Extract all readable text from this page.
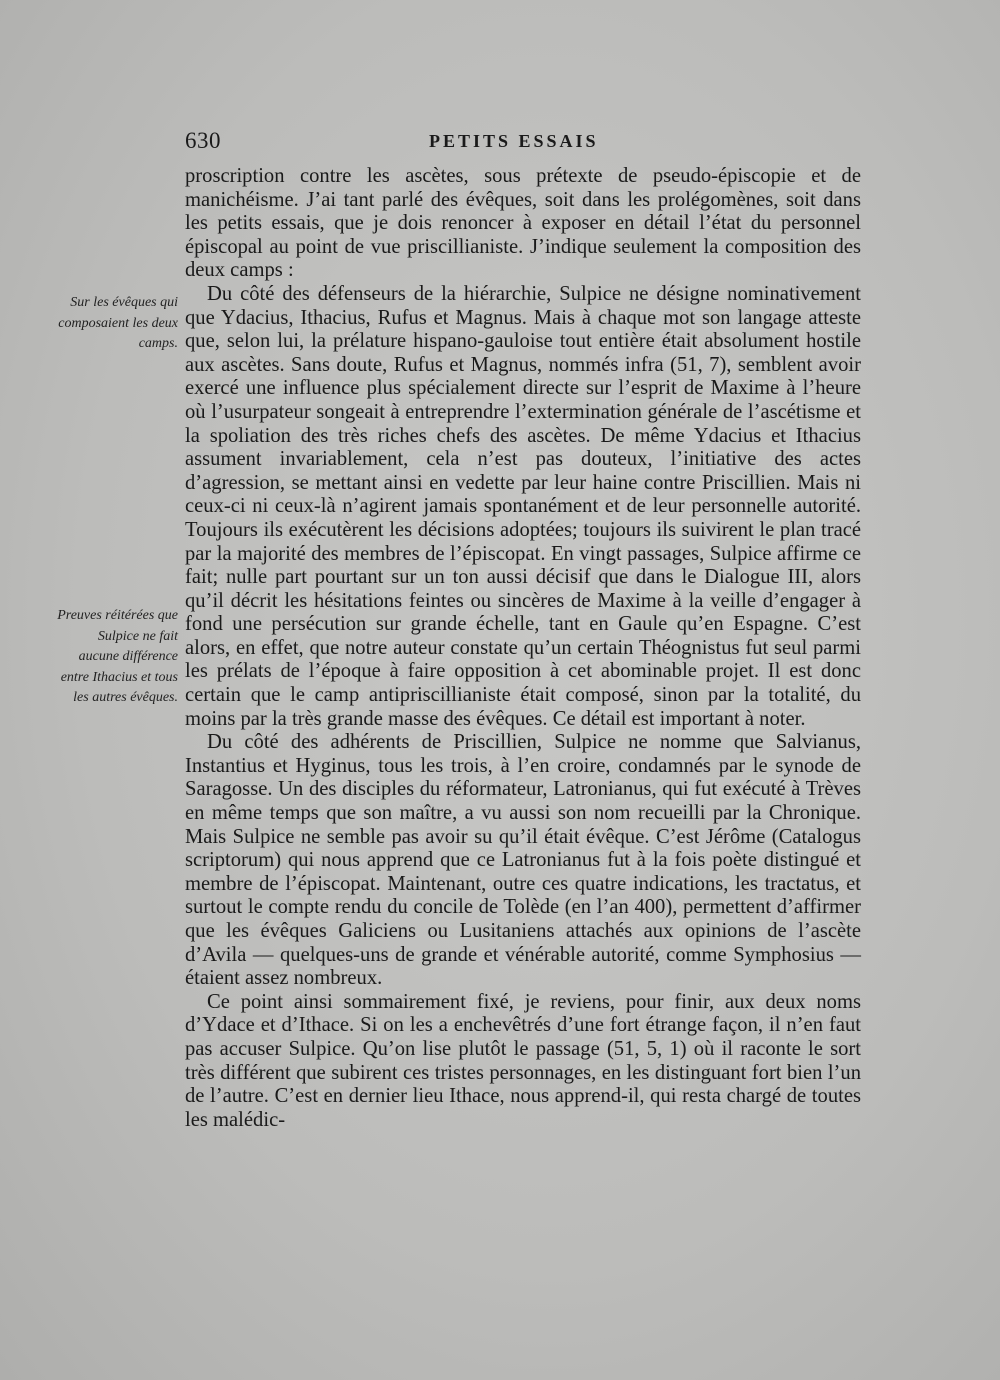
630	PETITS ESSAIS
Sur les évêques qui composaient les deux camps.
Preuves réitérées que Sulpice ne fait aucune différence entre Ithacius et tous les autres évêques.

proscription contre les ascètes, sous prétexte de pseudo-épiscopie et de manichéisme. J’ai tant parlé des évêques, soit dans les prolégomènes, soit dans les petits essais, que je dois renoncer à exposer en détail l’état du personnel épiscopal au point de vue priscillianiste. J’indique seulement la composition des deux camps :

Du côté des défenseurs de la hiérarchie, Sulpice ne désigne nominativement que Ydacius, Ithacius, Rufus et Magnus. Mais à chaque mot son langage atteste que, selon lui, la prélature hispano-gauloise tout entière était absolument hostile aux ascètes. Sans doute, Rufus et Magnus, nommés infra (51, 7), semblent avoir exercé une influence plus spécialement directe sur l’esprit de Maxime à l’heure où l’usurpateur songeait à entreprendre l’extermination générale de l’ascétisme et la spoliation des très riches chefs des ascètes. De même Ydacius et Ithacius assument invariablement, cela n’est pas douteux, l’initiative des actes d’agression, se mettant ainsi en vedette par leur haine contre Priscillien. Mais ni ceux-ci ni ceux-là n’agirent jamais spontanément et de leur personnelle autorité. Toujours ils exécutèrent les décisions adoptées; toujours ils suivirent le plan tracé par la majorité des membres de l’épiscopat. En vingt passages, Sulpice affirme ce fait; nulle part pourtant sur un ton aussi décisif que dans le Dialogue III, alors qu’il décrit les hésitations feintes ou sincères de Maxime à la veille d’engager à fond une persécution sur grande échelle, tant en Gaule qu’en Espagne. C’est alors, en effet, que notre auteur constate qu’un certain Théognistus fut seul parmi les prélats de l’époque à faire opposition à cet abominable projet. Il est donc certain que le camp antipriscillianiste était composé, sinon par la totalité, du moins par la très grande masse des évêques. Ce détail est important à noter.

Du côté des adhérents de Priscillien, Sulpice ne nomme que Salvianus, Instantius et Hyginus, tous les trois, à l’en croire, condamnés par le synode de Saragosse. Un des disciples du réformateur, Latronianus, qui fut exécuté à Trèves en même temps que son maître, a vu aussi son nom recueilli par la Chronique. Mais Sulpice ne semble pas avoir su qu’il était évêque. C’est Jérôme (Catalogus scriptorum) qui nous apprend que ce Latronianus fut à la fois poète distingué et membre de l’épiscopat. Maintenant, outre ces quatre indications, les tractatus, et surtout le compte rendu du concile de Tolède (en l’an 400), permettent d’affirmer que les évêques Galiciens ou Lusitaniens attachés aux opinions de l’ascète d’Avila — quelques-uns de grande et vénérable autorité, comme Symphosius — étaient assez nombreux.

Ce point ainsi sommairement fixé, je reviens, pour finir, aux deux noms d’Ydace et d’Ithace. Si on les a enchevêtrés d’une fort étrange façon, il n’en faut pas accuser Sulpice. Qu’on lise plutôt le passage (51, 5, 1) où il raconte le sort très différent que subirent ces tristes personnages, en les distinguant fort bien l’un de l’autre. C’est en dernier lieu Ithace, nous apprend-il, qui resta chargé de toutes les malédic-
